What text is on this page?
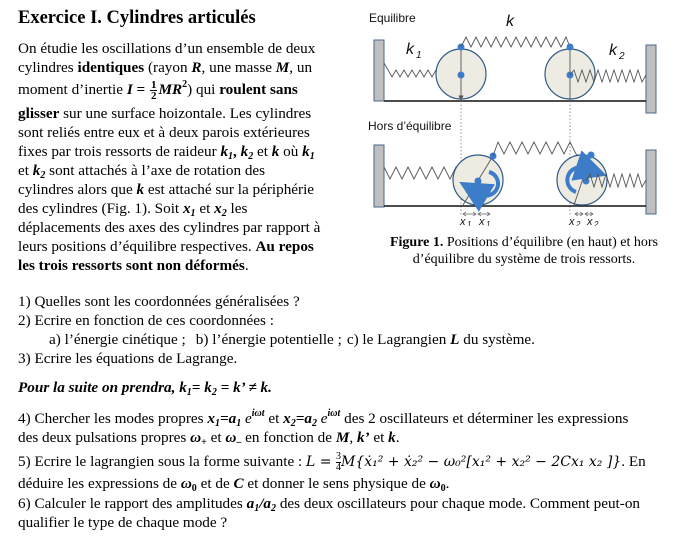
Exercice I. Cylindres articulés
On étudie les oscillations d’un ensemble de deux
cylindres identiques (rayon R, une masse M, un
moment d’inertie $I = \frac{1}{2} MR^2$) qui roulent sans
glisser sur une surface hoizontale. Les cylindres
sont reliés entre eux et à deux parois extérieures
fixes par trois ressorts de raideur $k_1$, $k_2$ et k où $k_1$
et $k_2$ sont attachés à l’axe de rotation des
cylindres alors que k est attaché sur la périphérie
des cylindres (Fig. 1). Soit $x_1$ et $x_2$ les
déplacements des axes des cylindres par rapport à
leurs positions d’équilibre respectives. Au repos
les trois ressorts sont non déformés.
Equilibre	k
k 1	k 2
Hors d’équilibre
x 1 x 1	x 2 x 2
Figure 1. Positions d’équilibre (en haut) et hors
d’équilibre du système de trois ressorts.
1) Quelles sont les coordonnées généralisées ?
2) Ecrire en fonction de ces coordonnées :
a) l’énergie cinétique ; b) l’énergie potentielle ; c) le Lagrangien L du système.
3) Ecrire les équations de Lagrange.
Pour la suite on prendra, $k_1= k_2 = k$’ ≠ k.
4) Chercher les modes propres $x_1=a_1$ $e^{i\omega t}$ et $x_2=a_2$ $e^{i\omega t}$ des 2 oscillateurs et déterminer les expressions
des deux pulsations propres $\omega_+$ et $\omega_-$ en fonction de M, k’ et k.
5) Ecrire le lagrangien sous la forme suivante : $L = \frac{3}{4}$ M{ẋ₁² + ẋ₂² − ω₀²[x₁² + x₂² − 2Cx₁ x₂ ]}. En
déduire les expressions de $\omega_0$ et de C et donner le sens physique de $\omega_0$.
6) Calculer le rapport des amplitudes $a_1/a_2$ des deux oscillateurs pour chaque mode. Comment peut-on
qualifier le type de chaque mode ?
